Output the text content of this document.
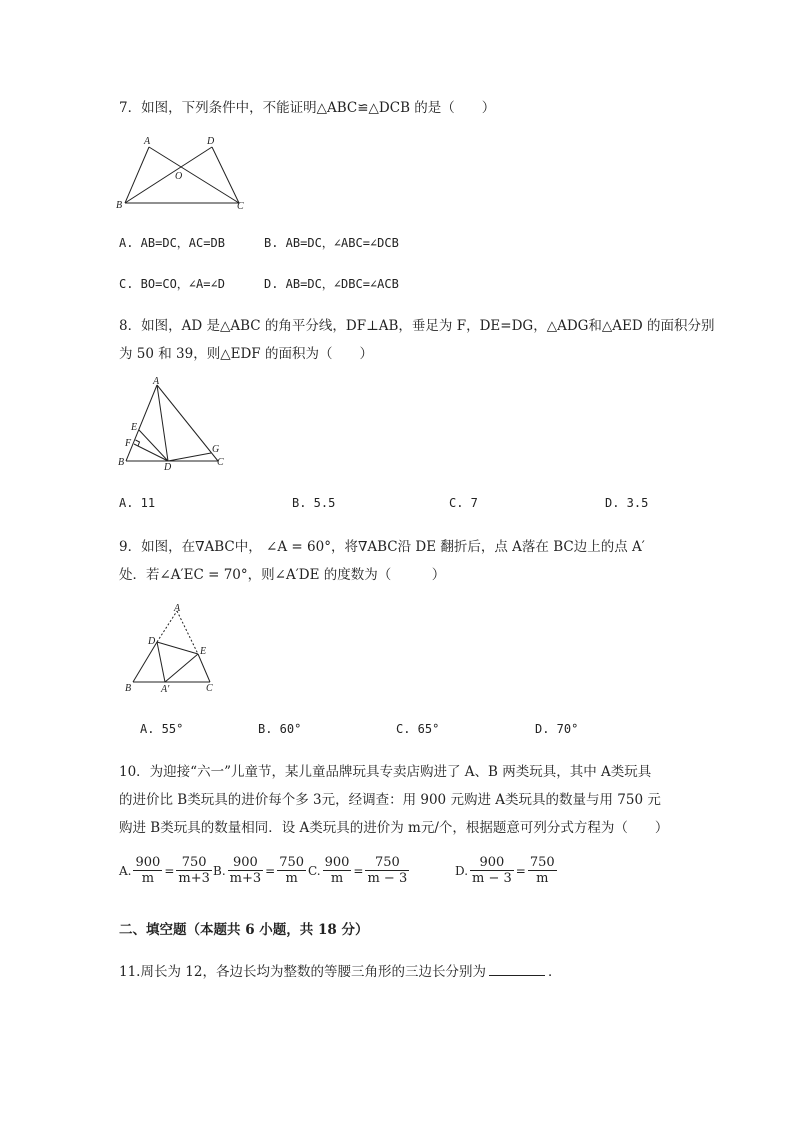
7．如图，下列条件中，不能证明△ABC≌△DCB 的是（　　）
A	D
O
B	C
A. AB=DC，AC=DB	B. AB=DC，∠ABC=∠DCB
C. BO=CO，∠A=∠D	D. AB=DC，∠DBC=∠ACB
8．如图，AD 是△ABC 的角平分线，DF⊥AB，垂足为 F，DE=DG，△ADG和△AED 的面积分别
为 50 和 39，则△EDF 的面积为（　　）
A
E
F
B	D
G
C
A. 11	B. 5.5	C. 7	D. 3.5
9．如图，在∇ABC中， ∠A = 60°，将∇ABC沿 DE 翻折后，点 A落在 BC边上的点 A′
处．若∠A′EC = 70°，则∠A′DE 的度数为（　　　）
A
D
E
B	A′	C
A. 55°	B. 60°	C. 65°	D. 70°
10．为迎接“六一”儿童节，某儿童品牌玩具专卖店购进了 A、B 两类玩具，其中 A类玩具
的进价比 B类玩具的进价每个多 3元，经调查：用 900 元购进 A类玩具的数量与用 750 元
购进 B类玩具的数量相同．设 A类玩具的进价为 m元/个，根据题意可列分式方程为（　　）
A. $\frac{900}{m} = \frac{750}{m+3} B$. $\frac{900}{m+3} = \frac{750}{m} C$. $\frac{900}{m} = \frac{750}{m - 3}$	D. $\frac{900}{m - 3} = \frac{750}{m}$
二、填空题（本题共 6 小题，共 18 分）
11.周长为 12，各边长均为整数的等腰三角形的三边长分别为	．
